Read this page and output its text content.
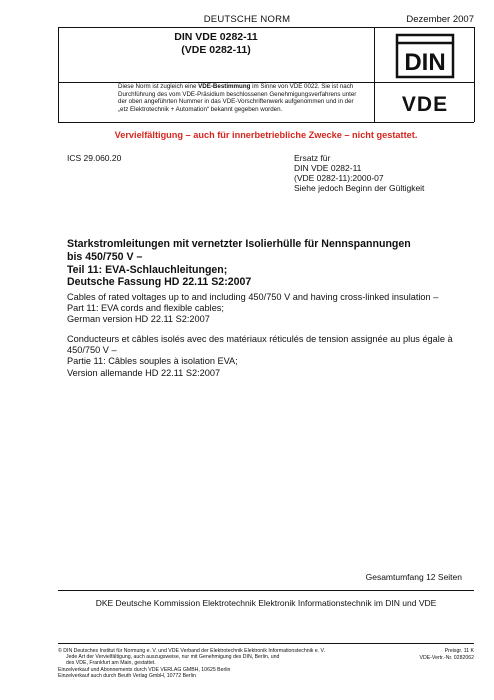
DEUTSCHE NORM	Dezember 2007
DIN VDE 0282-11
(VDE 0282-11)	DIN
Diese Norm ist zugleich eine VDE-Bestimmung im Sinne von VDE 0022. Sie ist nach
Durchführung des vom VDE-Präsidium beschlossenen Genehmigungsverfahrens unter
der oben angeführten Nummer in das VDE-Vorschriftenwerk aufgenommen und in der
„etz Elektrotechnik + Automation“ bekannt gegeben worden.	VDE
Vervielfältigung – auch für innerbetriebliche Zwecke – nicht gestattet.
ICS 29.060.20	Ersatz für
DIN VDE 0282-11
(VDE 0282-11):2000-07
Siehe jedoch Beginn der Gültigkeit
Starkstromleitungen mit vernetzter Isolierhülle für Nennspannungen
bis 450/750 V –
Teil 11: EVA-Schlauchleitungen;
Deutsche Fassung HD 22.11 S2:2007
Cables of rated voltages up to and including 450/750 V and having cross-linked insulation –
Part 11: EVA cords and flexible cables;
German version HD 22.11 S2:2007
Conducteurs et câbles isolés avec des matériaux réticulés de tension assignée au plus égale à
450/750 V –
Partie 11: Câbles souples à isolation EVA;
Version allemande HD 22.11 S2:2007
Gesamtumfang 12 Seiten
DKE Deutsche Kommission Elektrotechnik Elektronik Informationstechnik im DIN und VDE
© DIN Deutsches Institut für Normung e. V. und VDE Verband der Elektrotechnik Elektronik Informationstechnik e. V.
Jede Art der Vervielfältigung, auch auszugsweise, nur mit Genehmigung des DIN, Berlin, und
des VDE, Frankfurt am Main, gestattet.
Einzelverkauf und Abonnements durch VDE VERLAG GMBH, 10625 Berlin
Einzelverkauf auch durch Beuth Verlag GmbH, 10772 Berlin
Preisgr. 11 K
VDE-Vertr.-Nr. 0282062
